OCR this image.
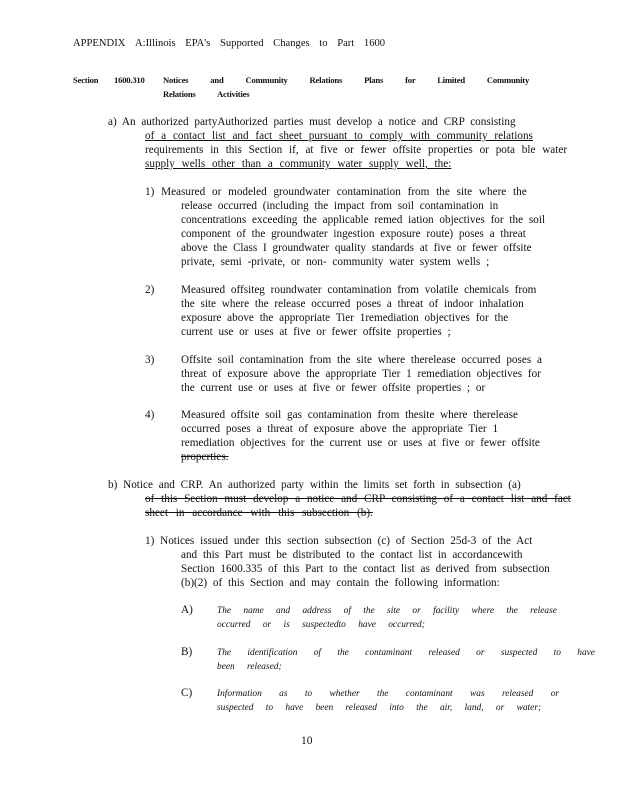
APPENDIX A:Illinois EPA's Supported Changes to Part 1600
Section 1600.310 Notices and Community Relations Plans for Limited Community
Relations Activities
a) An authorized partyAuthorized parties must develop a notice and CRP consisting
of a contact list and fact sheet pursuant to comply with community relations
requirements in this Section if, at five or fewer offsite properties or pota ble water
supply wells other than a community water supply well, the:
1) Measured or modeled groundwater contamination from the site where the
release occurred (including the impact from soil contamination in
concentrations exceeding the applicable remed iation objectives for the soil
component of the groundwater ingestion exposure route) poses a threat
above the Class I groundwater quality standards at five or fewer offsite
private, semi -private, or non- community water system wells ;
2) Measured offsiteg roundwater contamination from volatile chemicals from
the site where the release occurred poses a threat of indoor inhalation
exposure above the appropriate Tier 1remediation objectives for the
current use or uses at five or fewer offsite properties ;
3) Offsite soil contamination from the site where therelease occurred poses a
threat of exposure above the appropriate Tier 1 remediation objectives for
the current use or uses at five or fewer offsite properties ; or
4) Measured offsite soil gas contamination from thesite where therelease
occurred poses a threat of exposure above the appropriate Tier 1
remediation objectives for the current use or uses at five or fewer offsite
properties.
b) Notice and CRP. An authorized party within the limits set forth in subsection (a)
of this Section must develop a notice and CRP consisting of a contact list and fact
sheet in accordance with this subsection (b).
1) Notices issued under this section subsection (c) of Section 25d-3 of the Act
and this Part must be distributed to the contact list in accordancewith
Section 1600.335 of this Part to the contact list as derived from subsection
(b)(2) of this Section and may contain the following information:
A)	The name and address of the site or facility where the release
occurred or is suspectedto have occurred;
B)	The identification of the contaminant released or suspected to have
been released;
C)	Information as to whether the contaminant was released or
suspected to have been released into the air, land, or water;
10
